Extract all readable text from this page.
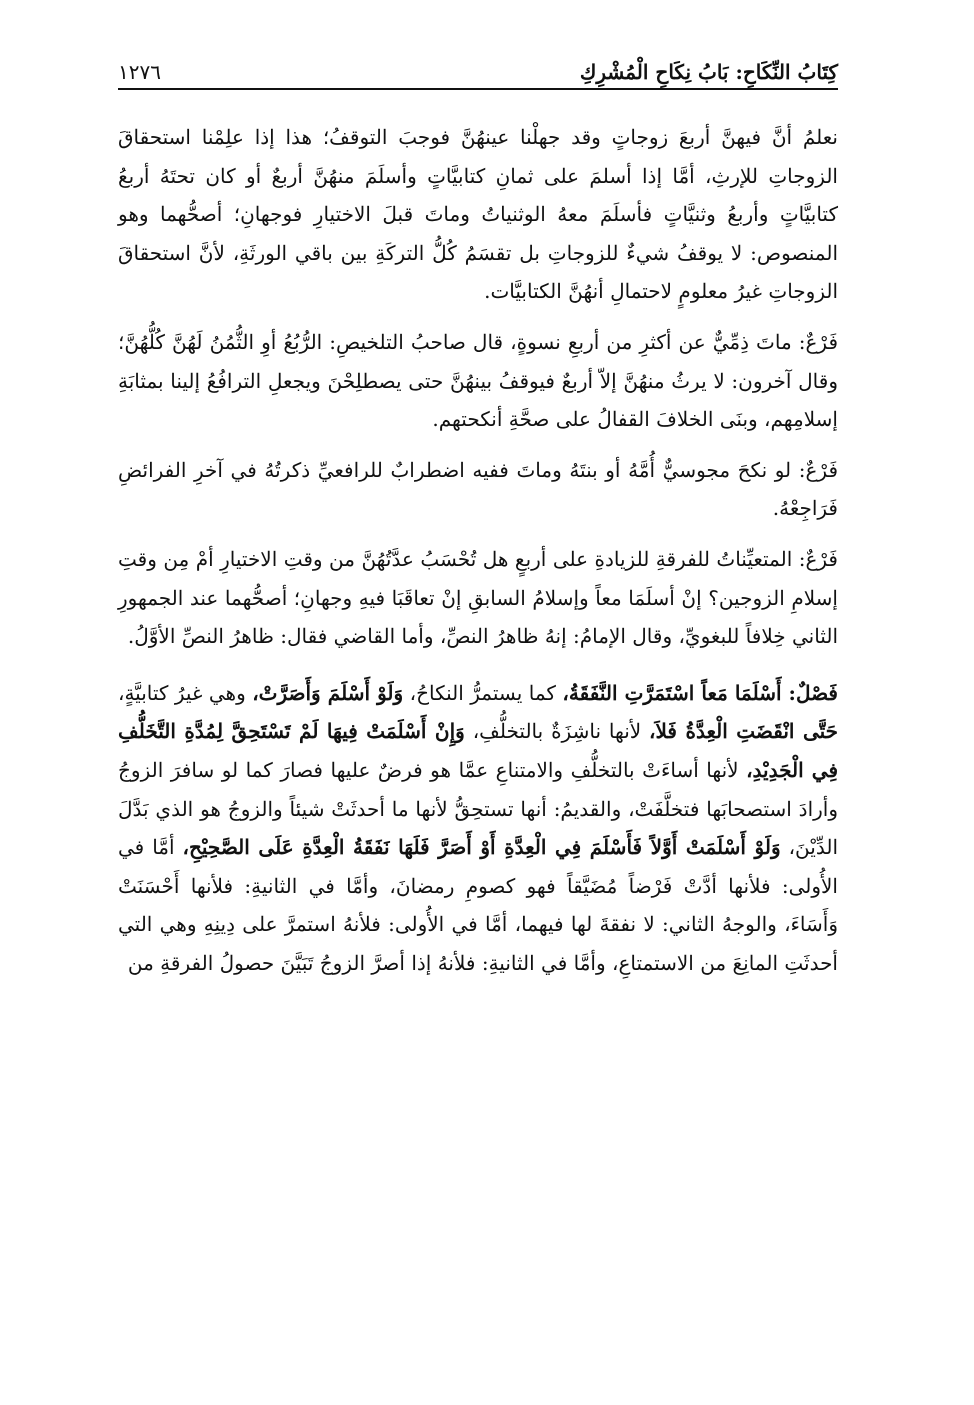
كِتَابُ النِّكَاحِ: بَابُ نِكَاحِ الْمُشْرِكِ
١٢٧٦

نعلمُ أنَّ فيهنَّ أربعَ زوجاتٍ وقد جهلْنا عينهُنَّ فوجبَ التوقفُ؛ هذا إذا علِمْنا استحقاقَ الزوجاتِ للإرثِ، أمَّا إذا أسلمَ على ثمانِ كتابيَّاتٍ وأسلَمَ منهُنَّ أربعٌ أو كان تحتَهُ أربعُ كتابيَّاتٍ وأربعُ وثنيَّاتٍ فأسلَمَ معهُ الوثنياتُ وماتَ قبلَ الاختيارِ فوجهانِ؛ أصحُّهما وهو المنصوص: لا يوقفُ شيءٌ للزوجاتِ بل تقسَمُ كُلُّ التركَةِ بين باقي الورثَةِ، لأنَّ استحقاقَ الزوجاتِ غيرُ معلومٍ لاحتمالِ أنهُنَّ الكتابيَّات.

فَرْعٌ: ماتَ ذِمِّيٌّ عن أكثرِ من أربعِ نسوةٍ، قال صاحبُ التلخيصِ: الرُّبُعُ أوِ الثُّمُنُ لَهُنَّ كُلُّهُنَّ؛ وقال آخرون: لا يرثُ منهُنَّ إلاّ أربعٌ فيوقفُ بينهُنَّ حتى يصطلِحْنَ ويجعلِ الترافُعُ إلينا بمثابَةِ إسلامِهم، وبنَى الخلافَ القفالُ على صحَّةِ أنكحتهم.

فَرْعٌ: لو نكحَ مجوسيٌّ أُمَّهُ أو بنتَهُ وماتَ ففيه اضطرابٌ للرافعيِّ ذكرتُهُ في آخرِ الفرائضِ فَرَاجِعْهُ.

فَرْعٌ: المتعيِّناتُ للفرقةِ للزيادةِ على أربعٍ هل تُحْسَبُ عدَّتُهُنَّ من وقتِ الاختيارِ أمْ مِن وقتِ إسلامِ الزوجين؟ إنْ أسلَمَا معاً وإسلامُ السابقِ إنْ تعاقَبَا فيهِ وجهانِ؛ أصحُّهما عند الجمهورِ الثاني خِلافاً للبغويِّ، وقال الإمامُ: إنهُ ظاهرُ النصِّ، وأما القاضي فقال: ظاهرُ النصِّ الأوَّلُ.

فَصْلٌ: أَسْلَمَا مَعاً اسْتَمَرَّتِ النَّفَقَةُ، كما يستمرُّ النكاحُ، وَلَوْ أَسْلَمَ وَأَصَرَّتْ، وهي غيرُ كتابيَّةٍ، حَتَّى انْقَضَتِ الْعِدَّةُ فَلاَ، لأنها ناشِزَةٌ بالتخلُّفِ، وَإِنْ أَسْلَمَتْ فِيهَا لَمْ تَسْتَحِقَّ لِمُدَّةِ التَّخَلُّفِ فِي الْجَدِيْدِ، لأنها أساءَتْ بالتخلُّفِ والامتناعِ عمَّا هو فرضٌ عليها فصارَ كما لو سافرَ الزوجُ وأرادَ استصحابَها فتخلَّفَتْ، والقديمُ: أنها تستحِقُّ لأنها ما أحدثَتْ شيئاً والزوجُ هو الذي بَدَّلَ الدِّيْنَ، وَلَوْ أَسْلَمَتْ أَوَّلاً فَأَسْلَمَ فِي الْعِدَّةِ أَوْ أَصَرَّ فَلَهَا نَفَقَةُ الْعِدَّةِ عَلَى الصَّحِيْحِ، أمَّا في الأُولى: فلأنها أدَّتْ فَرْضاً مُضَيَّقاً فهو كصومِ رمضانَ، وأمَّا في الثانيةِ: فلأنها أَحْسَنَتْ وَأَسَاءَ، والوجهُ الثاني: لا نفقةَ لها فيهما، أمَّا في الأُولى: فلأنهُ استمرَّ على دِينِهِ وهي التي أحدثَتِ المانِعَ من الاستمتاعِ، وأمَّا في الثانيةِ: فلأنهُ إذا أصرَّ الزوجُ تَبَيَّنَ حصولُ الفرقةِ من
